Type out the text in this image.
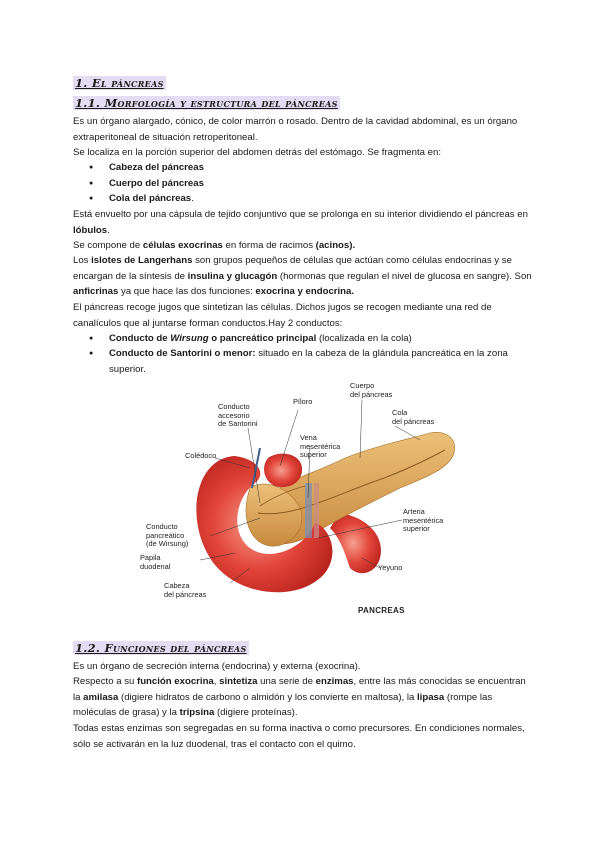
1. El páncreas
1.1. Morfología y estructura del páncreas
Es un órgano alargado, cónico, de color marrón o rosado. Dentro de la cavidad abdominal, es un órgano extraperitoneal de situación retroperitoneal.
Se localiza en la porción superior del abdomen detrás del estómago. Se fragmenta en:
Cabeza del páncreas
Cuerpo del páncreas
Cola del páncreas.
Está envuelto por una cápsula de tejido conjuntivo que se prolonga en su interior dividiendo el páncreas en lóbulos.
Se compone de células exocrinas en forma de racimos (acinos).
Los islotes de Langerhans son grupos pequeños de células que actúan como células endocrinas y se encargan de la síntesis de insulina y glucagón (hormonas que regulan el nivel de glucosa en sangre). Son anficrinas ya que hace las dos funciones: exocrina y endocrina.
El páncreas recoge jugos que sintetizan las células. Dichos jugos se recogen mediante una red de canalículos que al juntarse forman conductos.Hay 2 conductos:
Conducto de Wirsung o pancreático principal (localizada en la cola)
Conducto de Santorini o menor: situado en la cabeza de la glándula pancreática en la zona superior.
Conducto
accesorio
de Santorini
Píloro
Cuerpo
del páncreas
Cola
del páncreas
Colédoco
Vena
mesentérica
superior
Arteria
mesentérica
superior
Conducto
pancreático
(de Wirsung)
Papila
duodenal	Yeyuno
Cabeza
del páncreas
PANCREAS
1.2. Funciones del páncreas
Es un órgano de secreción interna (endocrina) y externa (exocrina).
Respecto a su función exocrina, sintetiza una serie de enzimas, entre las más conocidas se encuentran la amilasa (digiere hidratos de carbono o almidón y los convierte en maltosa), la lipasa (rompe las moléculas de grasa) y la tripsina (digiere proteínas).
Todas estas enzimas son segregadas en su forma inactiva o como precursores. En condiciones normales, sólo se activarán en la luz duodenal, tras el contacto con el quimo.
